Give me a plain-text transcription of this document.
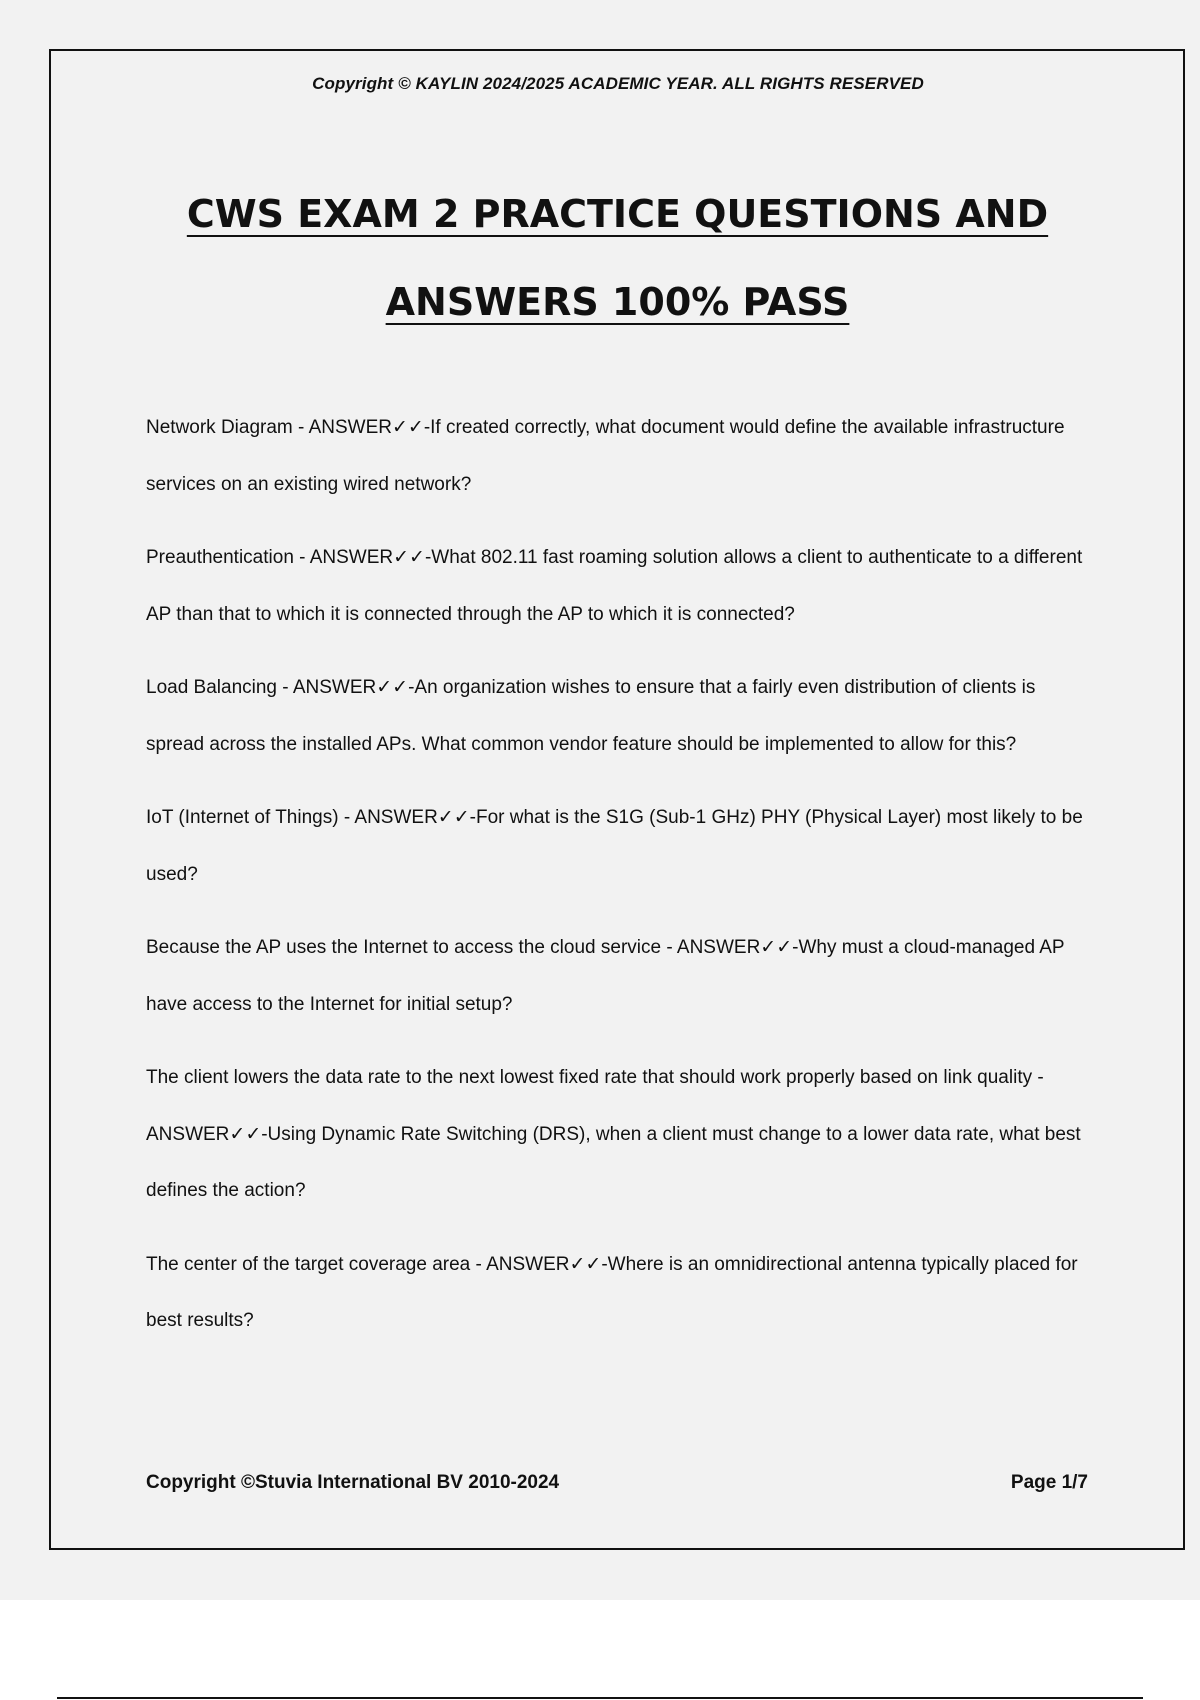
Copyright © KAYLIN 2024/2025 ACADEMIC YEAR. ALL RIGHTS RESERVED
CWS EXAM 2 PRACTICE QUESTIONS AND
ANSWERS 100% PASS

Network Diagram - ANSWER✓✓-If created correctly, what document would define the available infrastructure services on an existing wired network?

Preauthentication - ANSWER✓✓-What 802.11 fast roaming solution allows a client to authenticate to a different AP than that to which it is connected through the AP to which it is connected?

Load Balancing - ANSWER✓✓-An organization wishes to ensure that a fairly even distribution of clients is spread across the installed APs. What common vendor feature should be implemented to allow for this?

IoT (Internet of Things) - ANSWER✓✓-For what is the S1G (Sub-1 GHz) PHY (Physical Layer) most likely to be used?

Because the AP uses the Internet to access the cloud service - ANSWER✓✓-Why must a cloud-managed AP have access to the Internet for initial setup?

The client lowers the data rate to the next lowest fixed rate that should work properly based on link quality - ANSWER✓✓-Using Dynamic Rate Switching (DRS), when a client must change to a lower data rate, what best defines the action?

The center of the target coverage area - ANSWER✓✓-Where is an omnidirectional antenna typically placed for best results?

Copyright ©Stuvia International BV 2010-2024	Page 1/7
